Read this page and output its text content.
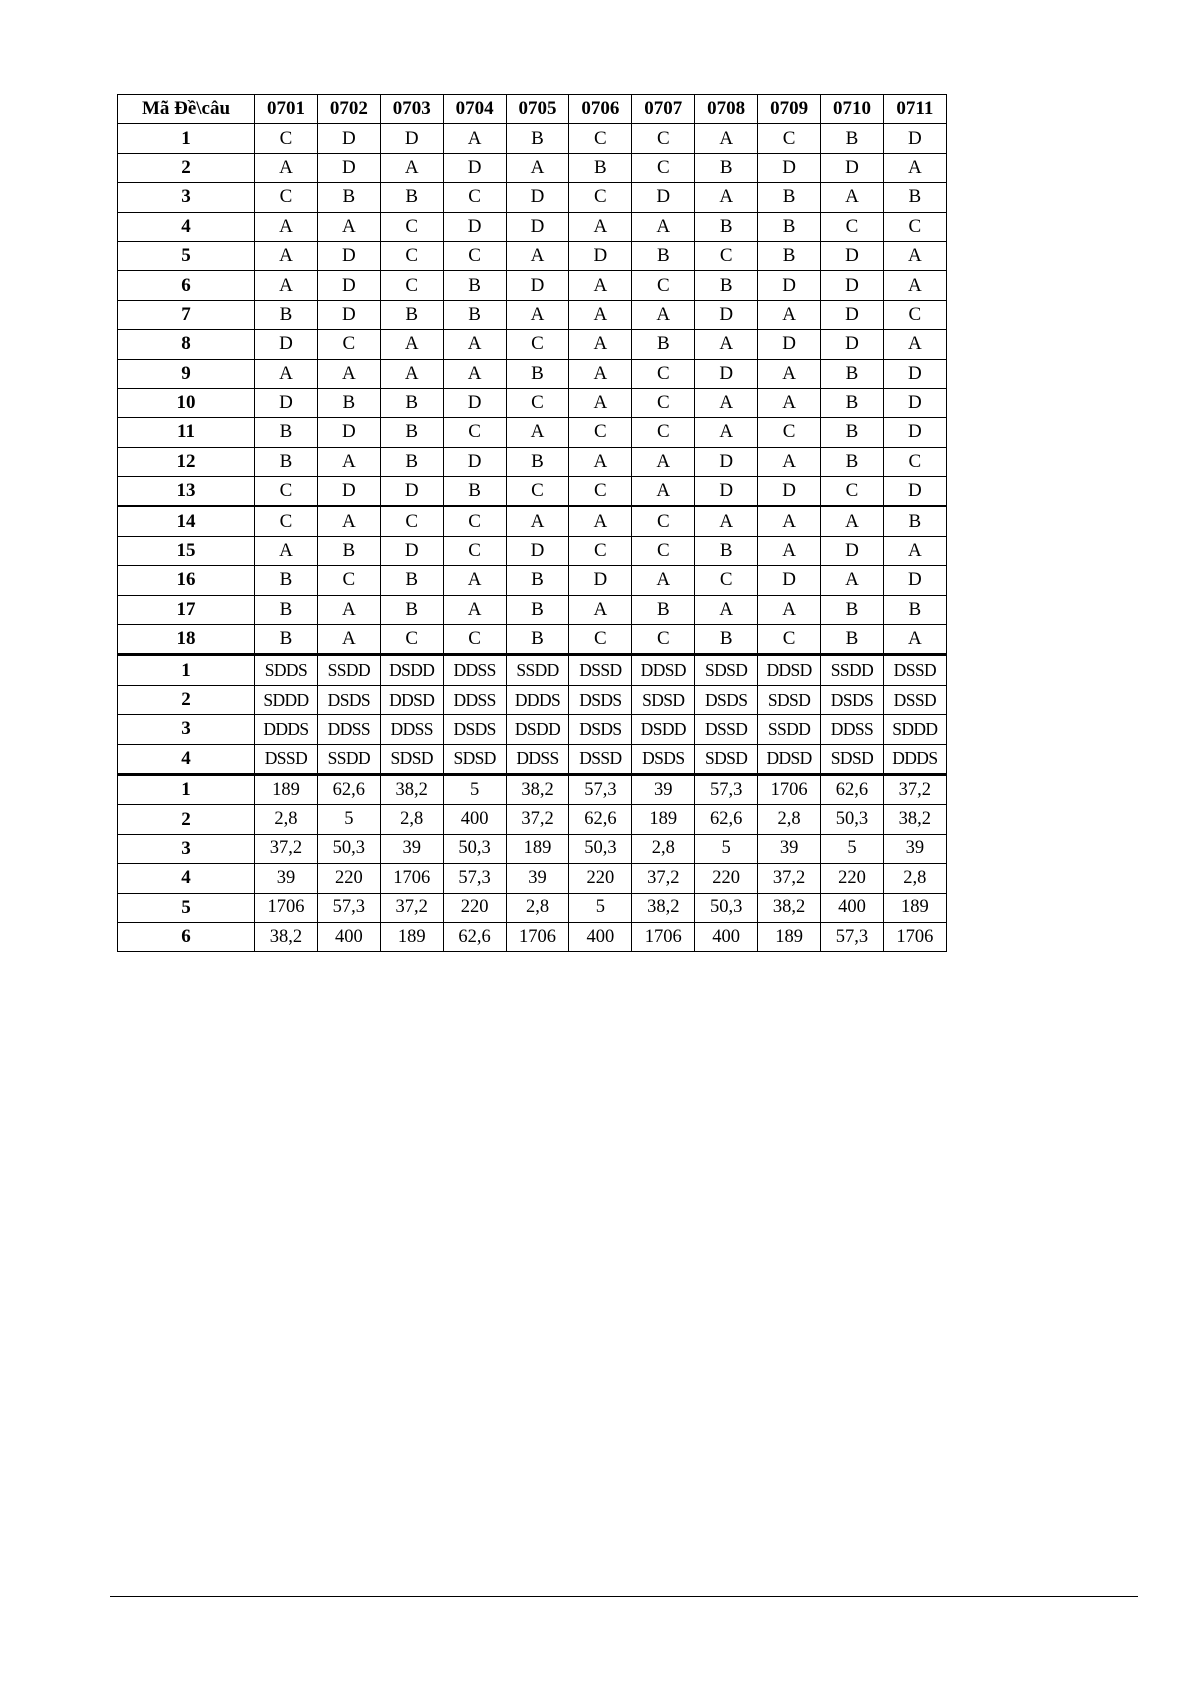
Mã Đề\câu	0701	0702	0703	0704	0705	0706	0707	0708	0709	0710	0711
1	C	D	D	A	B	C	C	A	C	B	D
2	A	D	A	D	A	B	C	B	D	D	A
3	C	B	B	C	D	C	D	A	B	A	B
4	A	A	C	D	D	A	A	B	B	C	C
5	A	D	C	C	A	D	B	C	B	D	A
6	A	D	C	B	D	A	C	B	D	D	A
7	B	D	B	B	A	A	A	D	A	D	C
8	D	C	A	A	C	A	B	A	D	D	A
9	A	A	A	A	B	A	C	D	A	B	D
10	D	B	B	D	C	A	C	A	A	B	D
11	B	D	B	C	A	C	C	A	C	B	D
12	B	A	B	D	B	A	A	D	A	B	C
13	C	D	D	B	C	C	A	D	D	C	D
14	C	A	C	C	A	A	C	A	A	A	B
15	A	B	D	C	D	C	C	B	A	D	A
16	B	C	B	A	B	D	A	C	D	A	D
17	B	A	B	A	B	A	B	A	A	B	B
18	B	A	C	C	B	C	C	B	C	B	A
1	SDDS	SSDD	DSDD	DDSS	SSDD	DSSD	DDSD	SDSD	DDSD	SSDD	DSSD
2	SDDD	DSDS	DDSD	DDSS	DDDS	DSDS	SDSD	DSDS	SDSD	DSDS	DSSD
3	DDDS	DDSS	DDSS	DSDS	DSDD	DSDS	DSDD	DSSD	SSDD	DDSS	SDDD
4	DSSD	SSDD	SDSD	SDSD	DDSS	DSSD	DSDS	SDSD	DDSD	SDSD	DDDS
1	189	62,6	38,2	5	38,2	57,3	39	57,3	1706	62,6	37,2
2	2,8	5	2,8	400	37,2	62,6	189	62,6	2,8	50,3	38,2
3	37,2	50,3	39	50,3	189	50,3	2,8	5	39	5	39
4	39	220	1706	57,3	39	220	37,2	220	37,2	220	2,8
5	1706	57,3	37,2	220	2,8	5	38,2	50,3	38,2	400	189
6	38,2	400	189	62,6	1706	400	1706	400	189	57,3	1706
